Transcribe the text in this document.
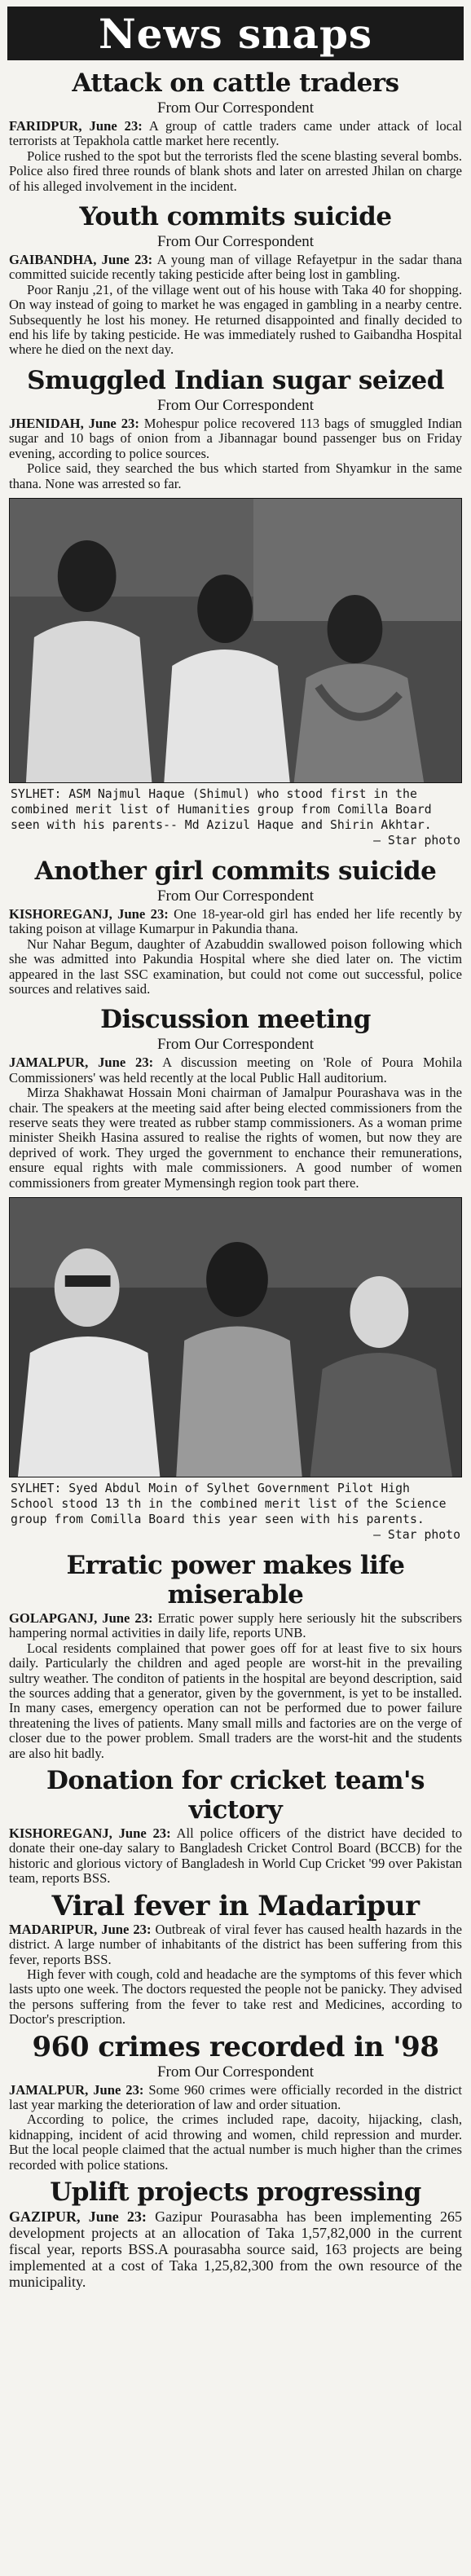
News snaps
Attack on cattle traders
From Our Correspondent

FARIDPUR, June 23: A group of cattle traders came under attack of local terrorists at Tepakhola cattle market here recently.

Police rushed to the spot but the terrorists fled the scene blasting several bombs. Police also fired three rounds of blank shots and later on arrested Jhilan on charge of his alleged involvement in the incident.

Youth commits suicide
From Our Correspondent

GAIBANDHA, June 23: A young man of village Refayetpur in the sadar thana committed suicide recently taking pesticide after being lost in gambling.

Poor Ranju ,21, of the village went out of his house with Taka 40 for shopping. On way instead of going to market he was engaged in gambling in a nearby centre. Subsequently he lost his money. He returned disappointed and finally decided to end his life by taking pesticide. He was immediately rushed to Gaibandha Hospital where he died on the next day.

Smuggled Indian sugar seized
From Our Correspondent

JHENIDAH, June 23: Mohespur police recovered 113 bags of smuggled Indian sugar and 10 bags of onion from a Jibannagar bound passenger bus on Friday evening, according to police sources.

Police said, they searched the bus which started from Shyamkur in the same thana. None was arrested so far.

SYLHET: ASM Najmul Haque (Shimul) who stood first in the combined merit list of Humanities group from Comilla Board seen with his parents-- Md Azizul Haque and Shirin Akhtar.
— Star photo
Another girl commits suicide
From Our Correspondent

KISHOREGANJ, June 23: One 18-year-old girl has ended her life recently by taking poison at village Kumarpur in Pakundia thana.

Nur Nahar Begum, daughter of Azabuddin swallowed poison following which she was admitted into Pakundia Hospital where she died later on. The victim appeared in the last SSC examination, but could not come out successful, police sources and relatives said.

Discussion meeting
From Our Correspondent

JAMALPUR, June 23: A discussion meeting on 'Role of Poura Mohila Commissioners' was held recently at the local Public Hall auditorium.

Mirza Shakhawat Hossain Moni chairman of Jamalpur Pourashava was in the chair. The speakers at the meeting said after being elected commissioners from the reserve seats they were treated as rubber stamp commissioners. As a woman prime minister Sheikh Hasina assured to realise the rights of women, but now they are deprived of work. They urged the government to enchance their remunerations, ensure equal rights with male commissioners. A good number of women commissioners from greater Mymensingh region took part there.

SYLHET: Syed Abdul Moin of Sylhet Government Pilot High School stood 13 th in the combined merit list of the Science group from Comilla Board this year seen with his parents.
— Star photo
Erratic power makes life miserable

GOLAPGANJ, June 23: Erratic power supply here seriously hit the subscribers hampering normal activities in daily life, reports UNB.

Local residents complained that power goes off for at least five to six hours daily. Particularly the children and aged people are worst-hit in the prevailing sultry weather. The conditon of patients in the hospital are beyond description, said the sources adding that a generator, given by the government, is yet to be installed. In many cases, emergency operation can not be performed due to power failure threatening the lives of patients. Many small mills and factories are on the verge of closer due to the power problem. Small traders are the worst-hit and the students are also hit badly.

Donation for cricket team's victory

KISHOREGANJ, June 23: All police officers of the district have decided to donate their one-day salary to Bangladesh Cricket Control Board (BCCB) for the historic and glorious victory of Bangladesh in World Cup Cricket '99 over Pakistan team, reports BSS.

Viral fever in Madaripur

MADARIPUR, June 23: Outbreak of viral fever has caused health hazards in the district. A large number of inhabitants of the district has been suffering from this fever, reports BSS.

High fever with cough, cold and headache are the symptoms of this fever which lasts upto one week. The doctors requested the people not be panicky. They advised the persons suffering from the fever to take rest and Medicines, according to Doctor's prescription.

960 crimes recorded in '98
From Our Correspondent

JAMALPUR, June 23: Some 960 crimes were officially recorded in the district last year marking the deterioration of law and order situation.

According to police, the crimes included rape, dacoity, hijacking, clash, kidnapping, incident of acid throwing and women, child repression and murder. But the local people claimed that the actual number is much higher than the crimes recorded with police stations.

Uplift projects progressing

GAZIPUR, June 23: Gazipur Pourasabha has been implementing 265 development projects at an allocation of Taka 1,57,82,000 in the current fiscal year, reports BSS.A pourasabha source said, 163 projects are being implemented at a cost of Taka 1,25,82,300 from the own resource of the municipality.
